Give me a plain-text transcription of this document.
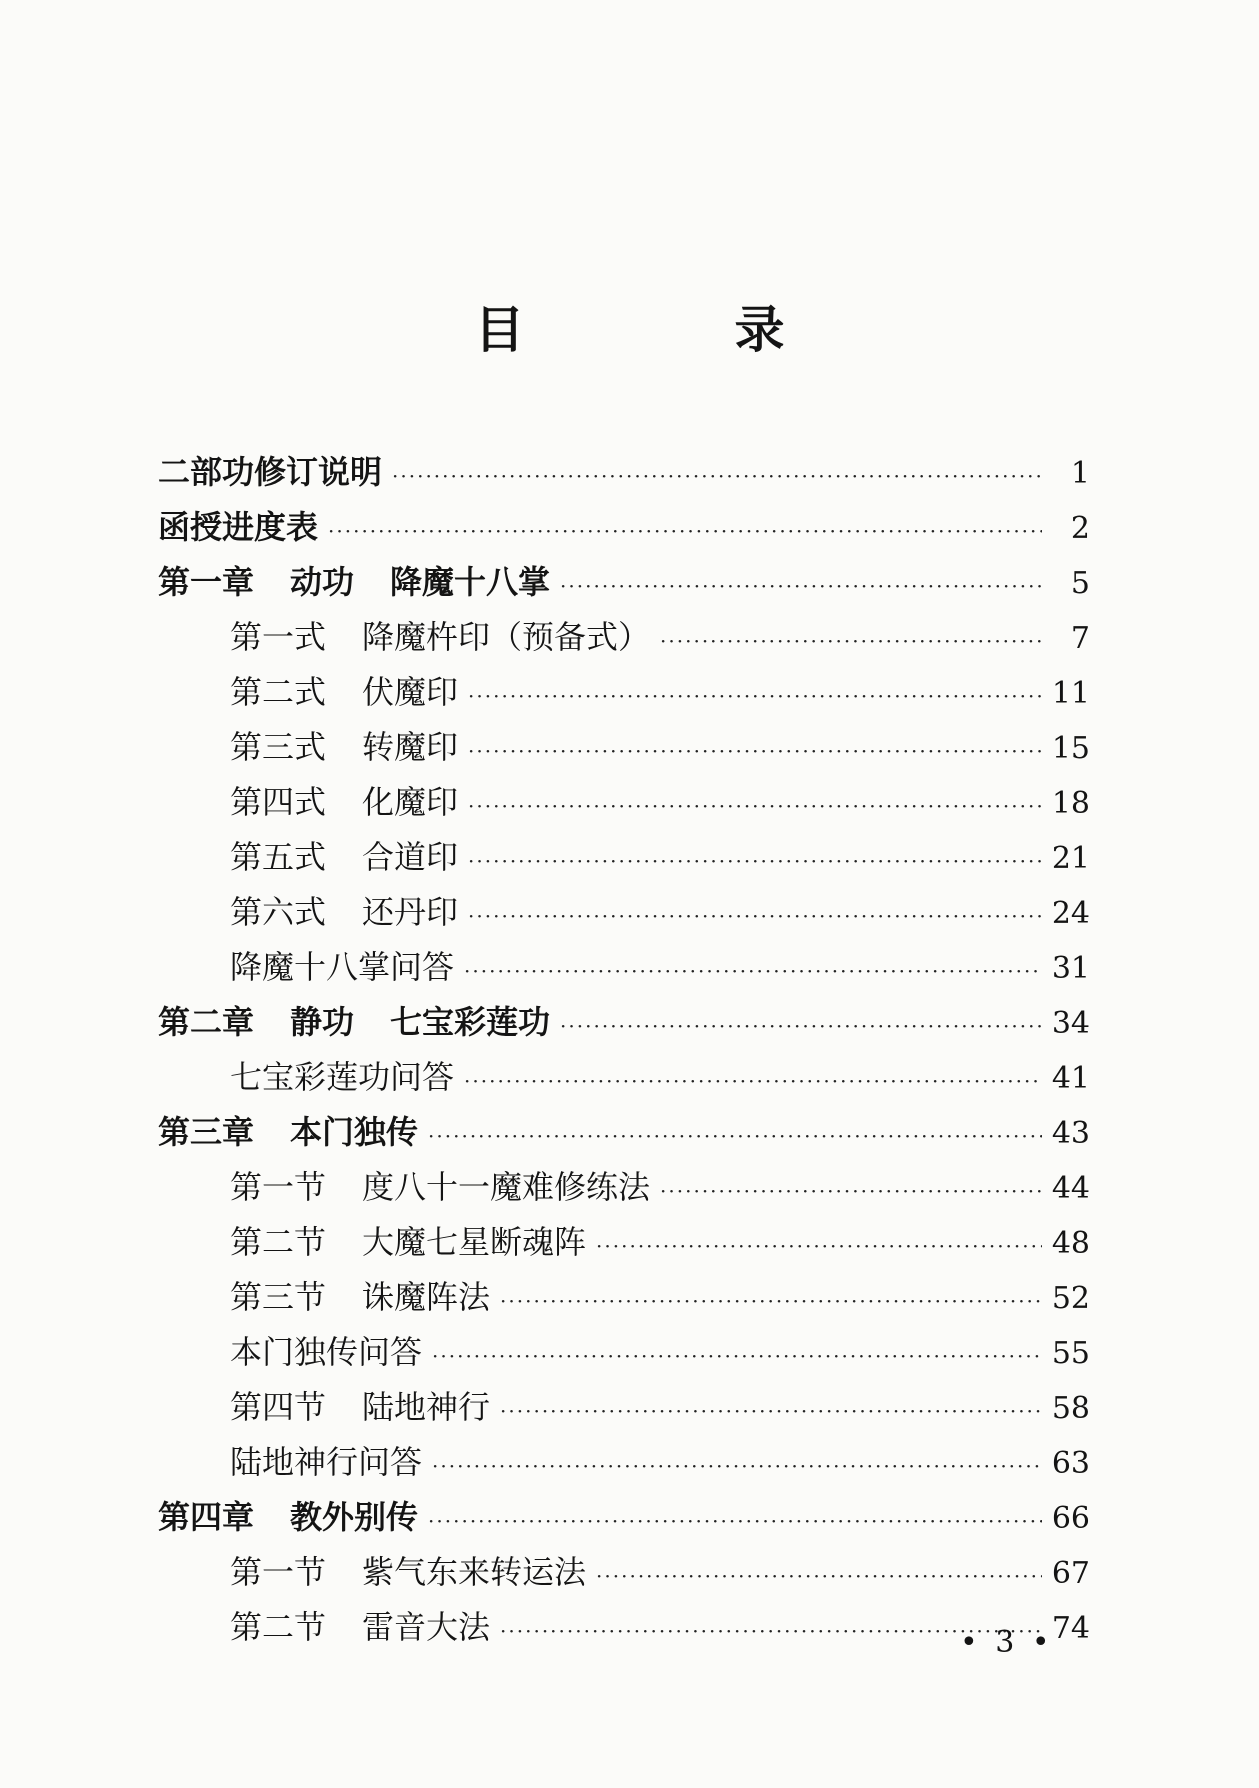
目　录
二部功修订说明 ·····	1
函授进度表 ·····	2
第一章 动功 降魔十八掌 ·····	5
第一式 降魔杵印（预备式） ·····	7
第二式 伏魔印 ·····	11
第三式 转魔印 ·····	15
第四式 化魔印 ·····	18
第五式 合道印 ·····	21
第六式 还丹印 ·····	24
降魔十八掌问答 ·····	31
第二章 静功 七宝彩莲功 ·····	34
七宝彩莲功问答 ·····	41
第三章 本门独传 ·····	43
第一节 度八十一魔难修练法 ·····	44
第二节 大魔七星断魂阵 ·····	48
第三节 诛魔阵法 ·····	52
本门独传问答 ·····	55
第四节 陆地神行 ·····	58
陆地神行问答 ·····	63
第四章 教外别传 ·····	66
第一节 紫气东来转运法 ·····	67
第二节 雷音大法 ·····	74
• 3 •
